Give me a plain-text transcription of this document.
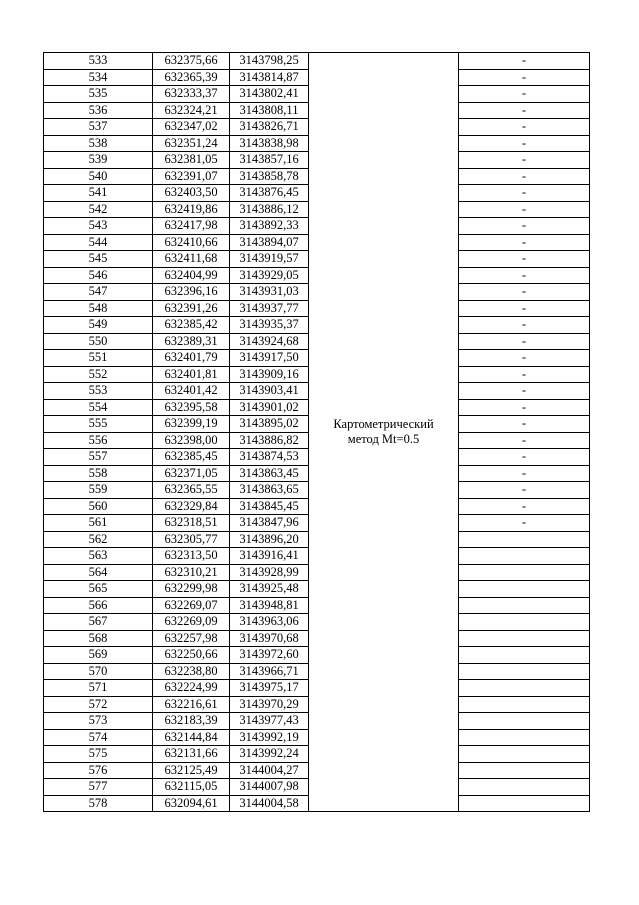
533	632375,66	3143798,25	Картометрический
метод Mt=0.5	-
534	632365,39	3143814,87		-
535	632333,37	3143802,41		-
536	632324,21	3143808,11		-
537	632347,02	3143826,71		-
538	632351,24	3143838,98		-
539	632381,05	3143857,16		-
540	632391,07	3143858,78		-
541	632403,50	3143876,45		-
542	632419,86	3143886,12		-
543	632417,98	3143892,33		-
544	632410,66	3143894,07		-
545	632411,68	3143919,57		-
546	632404,99	3143929,05		-
547	632396,16	3143931,03		-
548	632391,26	3143937,77		-
549	632385,42	3143935,37		-
550	632389,31	3143924,68		-
551	632401,79	3143917,50		-
552	632401,81	3143909,16		-
553	632401,42	3143903,41		-
554	632395,58	3143901,02		-
555	632399,19	3143895,02		-
556	632398,00	3143886,82		-
557	632385,45	3143874,53		-
558	632371,05	3143863,45		-
559	632365,55	3143863,65		-
560	632329,84	3143845,45		-
561	632318,51	3143847,96		-
562	632305,77	3143896,20		
563	632313,50	3143916,41		
564	632310,21	3143928,99		
565	632299,98	3143925,48		
566	632269,07	3143948,81		
567	632269,09	3143963,06		
568	632257,98	3143970,68		
569	632250,66	3143972,60		
570	632238,80	3143966,71		
571	632224,99	3143975,17		
572	632216,61	3143970,29		
573	632183,39	3143977,43		
574	632144,84	3143992,19		
575	632131,66	3143992,24		
576	632125,49	3144004,27		
577	632115,05	3144007,98		
578	632094,61	3144004,58		
